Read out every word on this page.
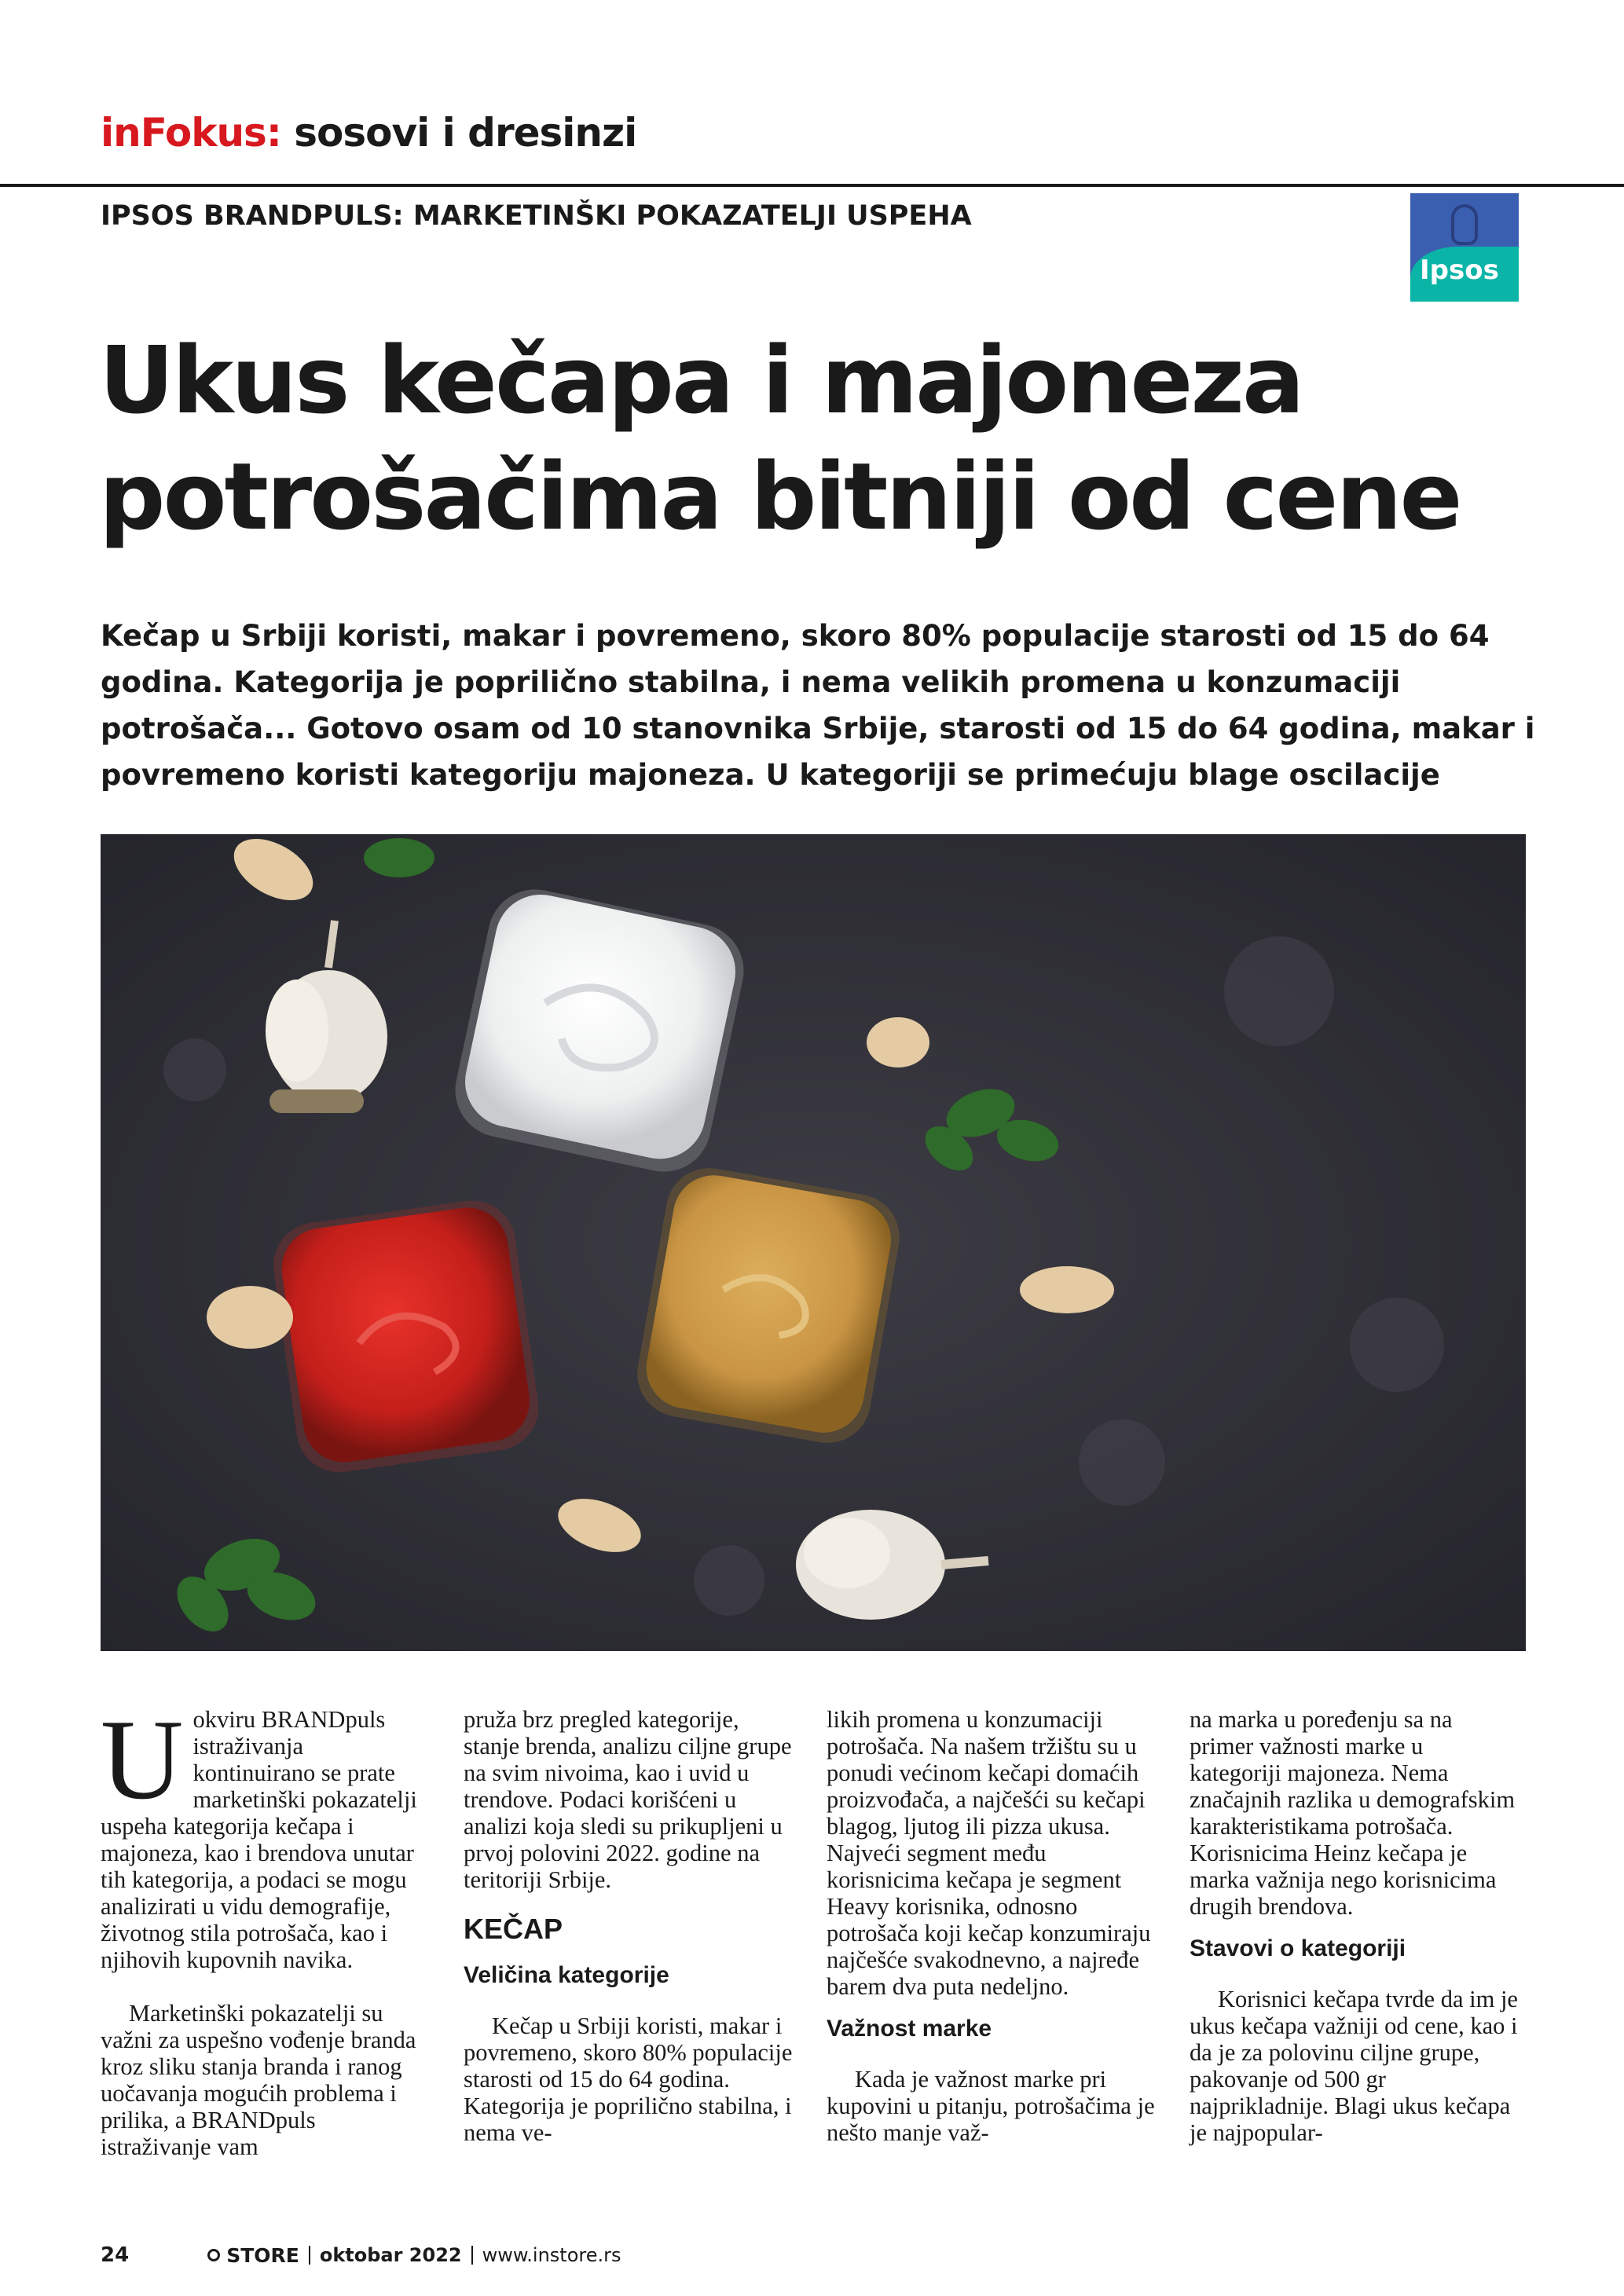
inFokus: sosovi i dresinzi
IPSOS BRANDPULS: MARKETINŠKI POKAZATELJI USPEHA
Ipsos
Ukus kečapa i majoneza
potrošačima bitniji od cene
Kečap u Srbiji koristi, makar i povremeno, skoro 80% populacije starosti od 15 do 64 godina. Kategorija je poprilično stabilna, i nema velikih promena u konzumaciji potrošača... Gotovo osam od 10 stanovnika Srbije, starosti od 15 do 64 godina, makar i povremeno koristi kategoriju majoneza. U kategoriji se primećuju blage oscilacije

Uokviru BRANDpuls istraživanja kontinuirano se prate marketinški pokazatelji uspeha kategorija kečapa i majoneza, kao i brendova unutar tih kategorija, a podaci se mogu analizirati u vidu demografije, životnog stila potrošača, kao i njihovih kupovnih navika.

Marketinški pokazatelji su važni za uspešno vođenje branda kroz sliku stanja branda i ranog uočavanja mogućih problema i prilika, a BRANDpuls istraživanje vam

pruža brz pregled kategorije, stanje brenda, analizu ciljne grupe na svim nivoima, kao i uvid u trendove. Podaci korišćeni u analizi koja sledi su prikupljeni u prvoj polovini 2022. godine na teritoriji Srbije.

KEČAP
Veličina kategorije

Kečap u Srbiji koristi, makar i povremeno, skoro 80% populacije starosti od 15 do 64 godina. Kategorija je poprilično stabilna, i nema ve-

likih promena u konzumaciji potrošača. Na našem tržištu su u ponudi većinom kečapi domaćih proizvođača, a najčešći su kečapi blagog, ljutog ili pizza ukusa. Najveći segment među korisnicima kečapa je segment Heavy korisnika, odnosno potrošača koji kečap konzumiraju najčešće svakodnevno, a najređe barem dva puta nedeljno.

Važnost marke

Kada je važnost marke pri kupovini u pitanju, potrošačima je nešto manje važ-

na marka u poređenju sa na primer važnosti marke u kategoriji majoneza. Nema značajnih razlika u demografskim karakteristikama potrošača. Korisnicima Heinz kečapa je marka važnija nego korisnicima drugih brendova.

Stavovi o kategoriji

Korisnici kečapa tvrde da im je ukus kečapa važniji od cene, kao i da je za polovinu ciljne grupe, pakovanje od 500 gr najprikladnije. Blagi ukus kečapa je najpopular-

24	STORE oktobar 2022 www.instore.rs
